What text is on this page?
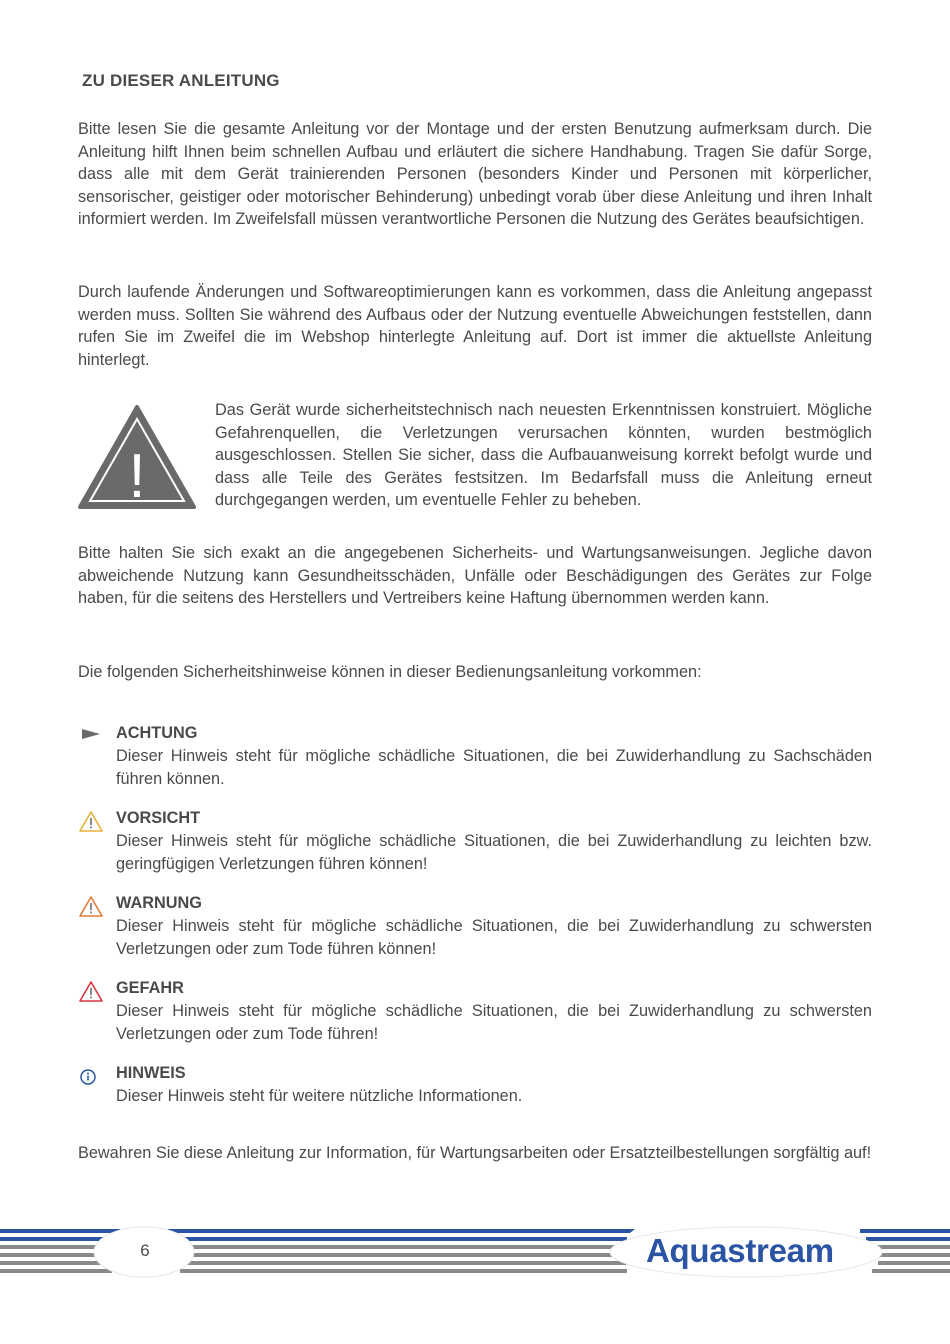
ZU DIESER ANLEITUNG

Bitte lesen Sie die gesamte Anleitung vor der Montage und der ersten Benutzung aufmerksam durch. Die Anleitung hilft Ihnen beim schnellen Aufbau und erläutert die sichere Handhabung. Tragen Sie dafür Sorge, dass alle mit dem Gerät trainierenden Personen (besonders Kinder und Personen mit körperlicher, sensorischer, geistiger oder motorischer Behinderung) unbedingt vorab über diese Anleitung und ihren Inhalt informiert werden. Im Zweifelsfall müssen verantwortliche Personen die Nutzung des Gerätes beaufsichtigen.

Durch laufende Änderungen und Softwareoptimierungen kann es vorkommen, dass die Anleitung angepasst werden muss. Sollten Sie während des Aufbaus oder der Nutzung eventuelle Abweichungen feststellen, dann rufen Sie im Zweifel die im Webshop hinterlegte Anleitung auf. Dort ist immer die aktuellste Anleitung hinterlegt.

!

Das Gerät wurde sicherheitstechnisch nach neuesten Erkenntnissen konstruiert. Mögliche Gefahrenquellen, die Verletzungen verursachen könnten, wurden bestmöglich ausgeschlossen. Stellen Sie sicher, dass die Aufbauanweisung korrekt befolgt wurde und dass alle Teile des Gerätes festsitzen. Im Bedarfsfall muss die Anleitung erneut durchgegangen werden, um eventuelle Fehler zu beheben.

Bitte halten Sie sich exakt an die angegebenen Sicherheits- und Wartungsanweisungen. Jegliche davon abweichende Nutzung kann Gesundheitsschäden, Unfälle oder Beschädigungen des Gerätes zur Folge haben, für die seitens des Herstellers und Vertreibers keine Haftung übernommen werden kann.

Die folgenden Sicherheitshinweise können in dieser Bedienungsanleitung vorkommen:

ACHTUNG

Dieser Hinweis steht für mögliche schädliche Situationen, die bei Zuwiderhandlung zu Sachschäden führen können.

VORSICHT

Dieser Hinweis steht für mögliche schädliche Situationen, die bei Zuwiderhandlung zu leichten bzw. geringfügigen Verletzungen führen können!

WARNUNG

Dieser Hinweis steht für mögliche schädliche Situationen, die bei Zuwiderhandlung zu schwersten Verletzungen oder zum Tode führen können!

GEFAHR

Dieser Hinweis steht für mögliche schädliche Situationen, die bei Zuwiderhandlung zu schwersten Verletzungen oder zum Tode führen!

HINWEIS

Dieser Hinweis steht für weitere nützliche Informationen.

Bewahren Sie diese Anleitung zur Information, für Wartungsarbeiten oder Ersatzteilbestellungen sorgfältig auf!

6	Aquastream
